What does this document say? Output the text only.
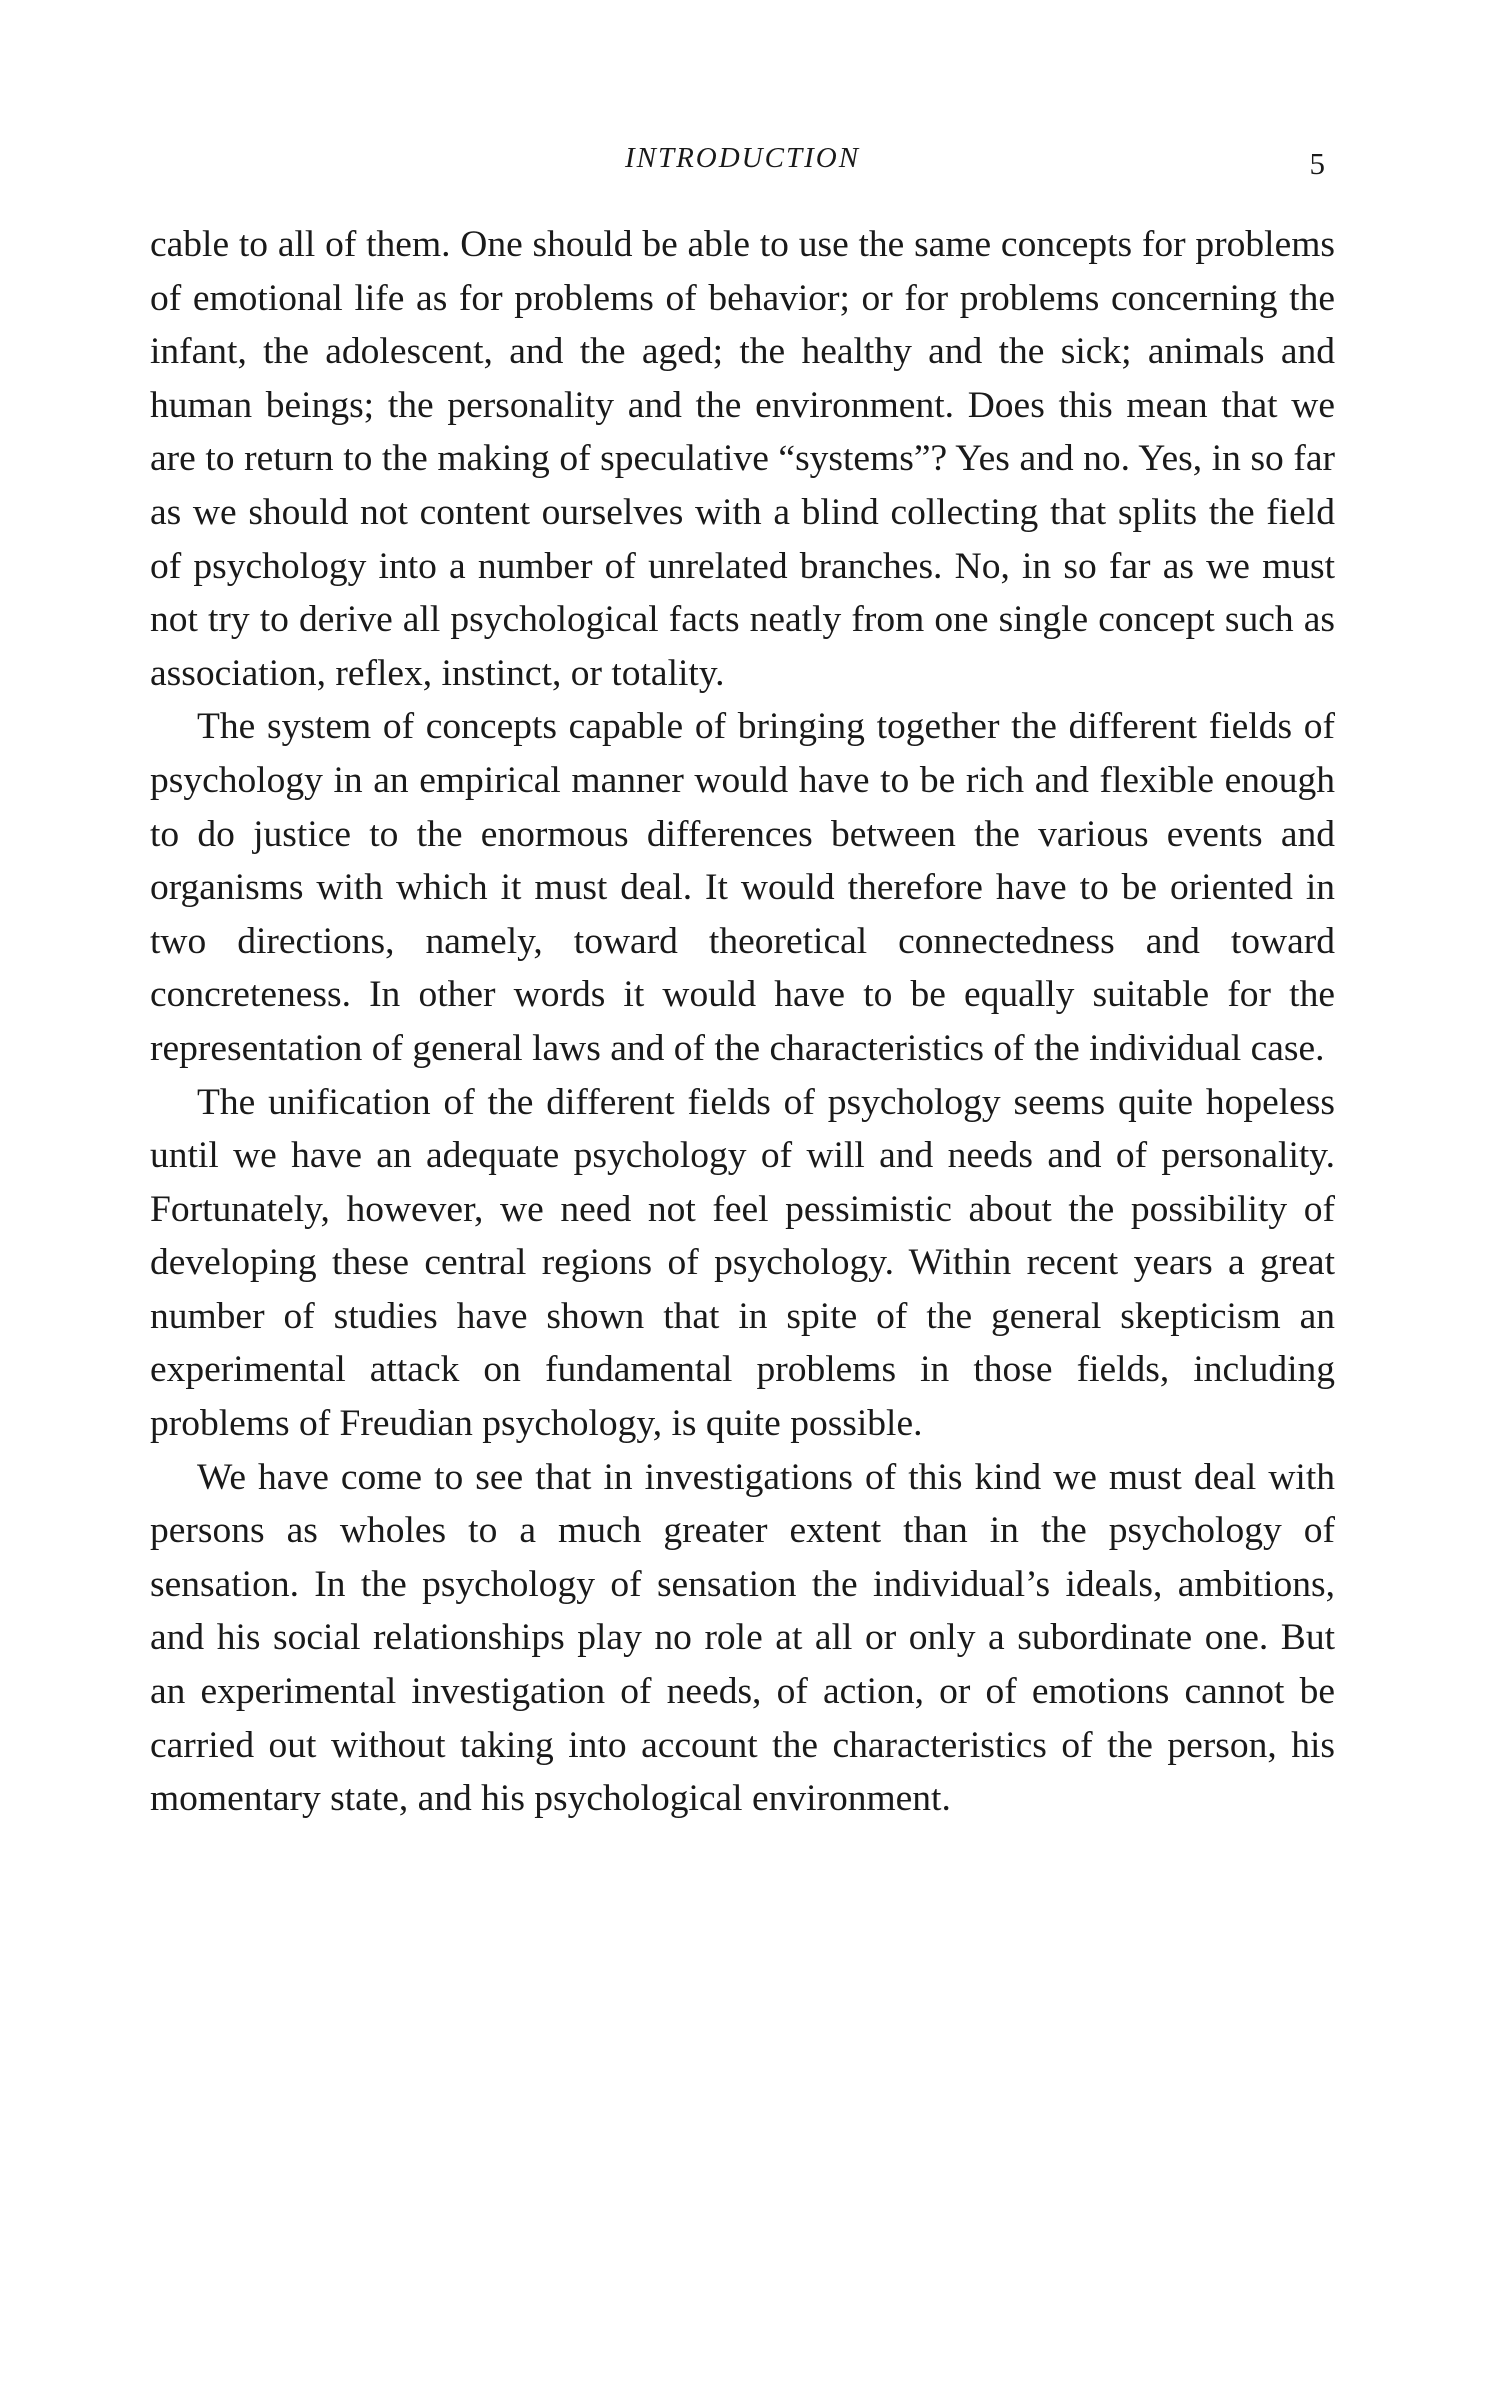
INTRODUCTION	5

cable to all of them. One should be able to use the same concepts for problems of emotional life as for problems of behavior; or for problems concerning the infant, the adolescent, and the aged; the healthy and the sick; animals and human beings; the personality and the environment. Does this mean that we are to return to the making of speculative “systems”? Yes and no. Yes, in so far as we should not content ourselves with a blind collecting that splits the field of psychology into a number of unrelated branches. No, in so far as we must not try to derive all psychological facts neatly from one single concept such as association, reflex, instinct, or totality.

The system of concepts capable of bringing together the different fields of psychology in an empirical manner would have to be rich and flexible enough to do justice to the enormous differences between the various events and organisms with which it must deal. It would therefore have to be oriented in two directions, namely, toward theoretical connectedness and toward concreteness. In other words it would have to be equally suitable for the representation of general laws and of the characteristics of the individual case.

The unification of the different fields of psychology seems quite hopeless until we have an adequate psychology of will and needs and of personality. Fortunately, however, we need not feel pessimistic about the possibility of developing these central regions of psychology. Within recent years a great number of studies have shown that in spite of the general skepticism an experimental attack on fundamental problems in those fields, including problems of Freudian psychology, is quite possible.

We have come to see that in investigations of this kind we must deal with persons as wholes to a much greater extent than in the psychology of sensation. In the psychology of sensation the individual’s ideals, ambitions, and his social relationships play no role at all or only a subordinate one. But an experimental investigation of needs, of action, or of emotions cannot be carried out without taking into account the characteristics of the person, his momentary state, and his psychological environment.
